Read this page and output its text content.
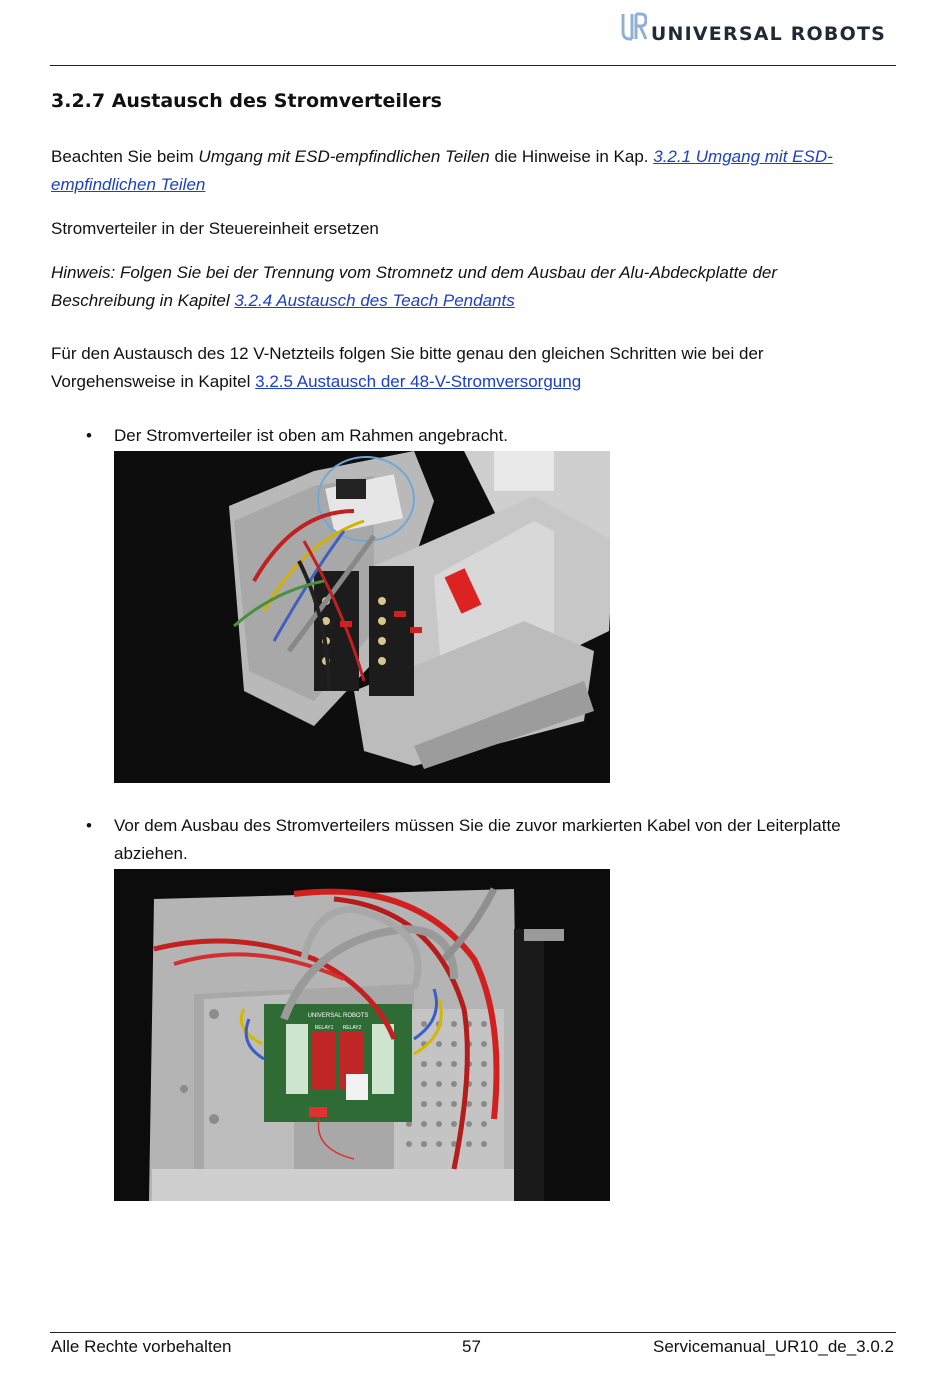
UNIVERSAL ROBOTS
3.2.7 Austausch des Stromverteilers
Beachten Sie beim Umgang mit ESD-empfindlichen Teilen die Hinweise in Kap. 3.2.1 Umgang mit ESD-empfindlichen Teilen
Stromverteiler in der Steuereinheit ersetzen
Hinweis: Folgen Sie bei der Trennung vom Stromnetz und dem Ausbau der Alu-Abdeckplatte der Beschreibung in Kapitel 3.2.4 Austausch des Teach Pendants
Für den Austausch des 12 V-Netzteils folgen Sie bitte genau den gleichen Schritten wie bei der Vorgehensweise in Kapitel 3.2.5 Austausch der 48-V-Stromversorgung
• Der Stromverteiler ist oben am Rahmen angebracht.
• Vor dem Ausbau des Stromverteilers müssen Sie die zuvor markierten Kabel von der Leiterplatte abziehen.
UNIVERSAL ROBOTS
RELAY1 RELAY2
Alle Rechte vorbehalten	57	Servicemanual_UR10_de_3.0.2
